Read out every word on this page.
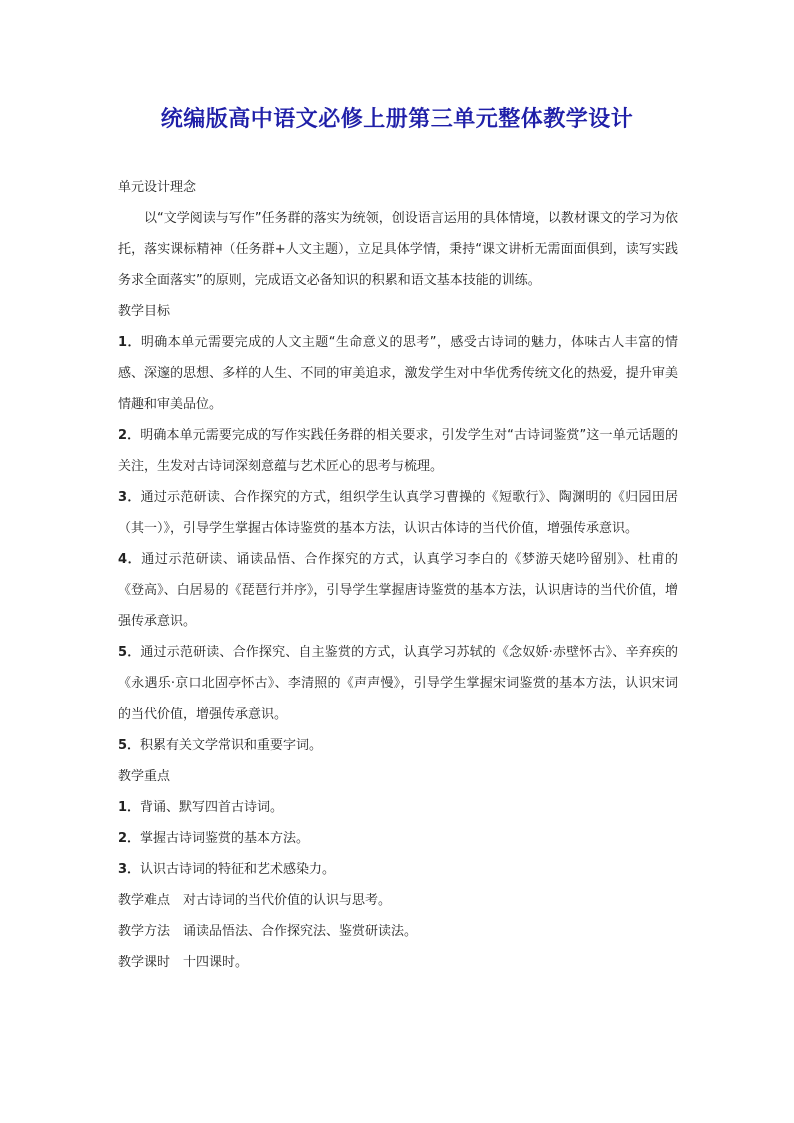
统编版高中语文必修上册第三单元整体教学设计

单元设计理念

以“文学阅读与写作”任务群的落实为统领，创设语言运用的具体情境，以教材课文的学习为依托，落实课标精神（任务群+人文主题），立足具体学情，秉持“课文讲析无需面面俱到，读写实践务求全面落实”的原则，完成语文必备知识的积累和语文基本技能的训练。

教学目标

1．明确本单元需要完成的人文主题“生命意义的思考”，感受古诗词的魅力，体味古人丰富的情感、深邃的思想、多样的人生、不同的审美追求，激发学生对中华优秀传统文化的热爱，提升审美情趣和审美品位。

2．明确本单元需要完成的写作实践任务群的相关要求，引发学生对“古诗词鉴赏”这一单元话题的关注，生发对古诗词深刻意蕴与艺术匠心的思考与梳理。

3．通过示范研读、合作探究的方式，组织学生认真学习曹操的《短歌行》、陶渊明的《归园田居（其一）》，引导学生掌握古体诗鉴赏的基本方法，认识古体诗的当代价值，增强传承意识。

4．通过示范研读、诵读品悟、合作探究的方式，认真学习李白的《梦游天姥吟留别》、杜甫的《登高》、白居易的《琵琶行并序》，引导学生掌握唐诗鉴赏的基本方法，认识唐诗的当代价值，增强传承意识。

5．通过示范研读、合作探究、自主鉴赏的方式，认真学习苏轼的《念奴娇·赤壁怀古》、辛弃疾的《永遇乐·京口北固亭怀古》、李清照的《声声慢》，引导学生掌握宋词鉴赏的基本方法，认识宋词的当代价值，增强传承意识。

5．积累有关文学常识和重要字词。

教学重点

1．背诵、默写四首古诗词。

2．掌握古诗词鉴赏的基本方法。

3．认识古诗词的特征和艺术感染力。

教学难点 对古诗词的当代价值的认识与思考。

教学方法 诵读品悟法、合作探究法、鉴赏研读法。

教学课时 十四课时。
